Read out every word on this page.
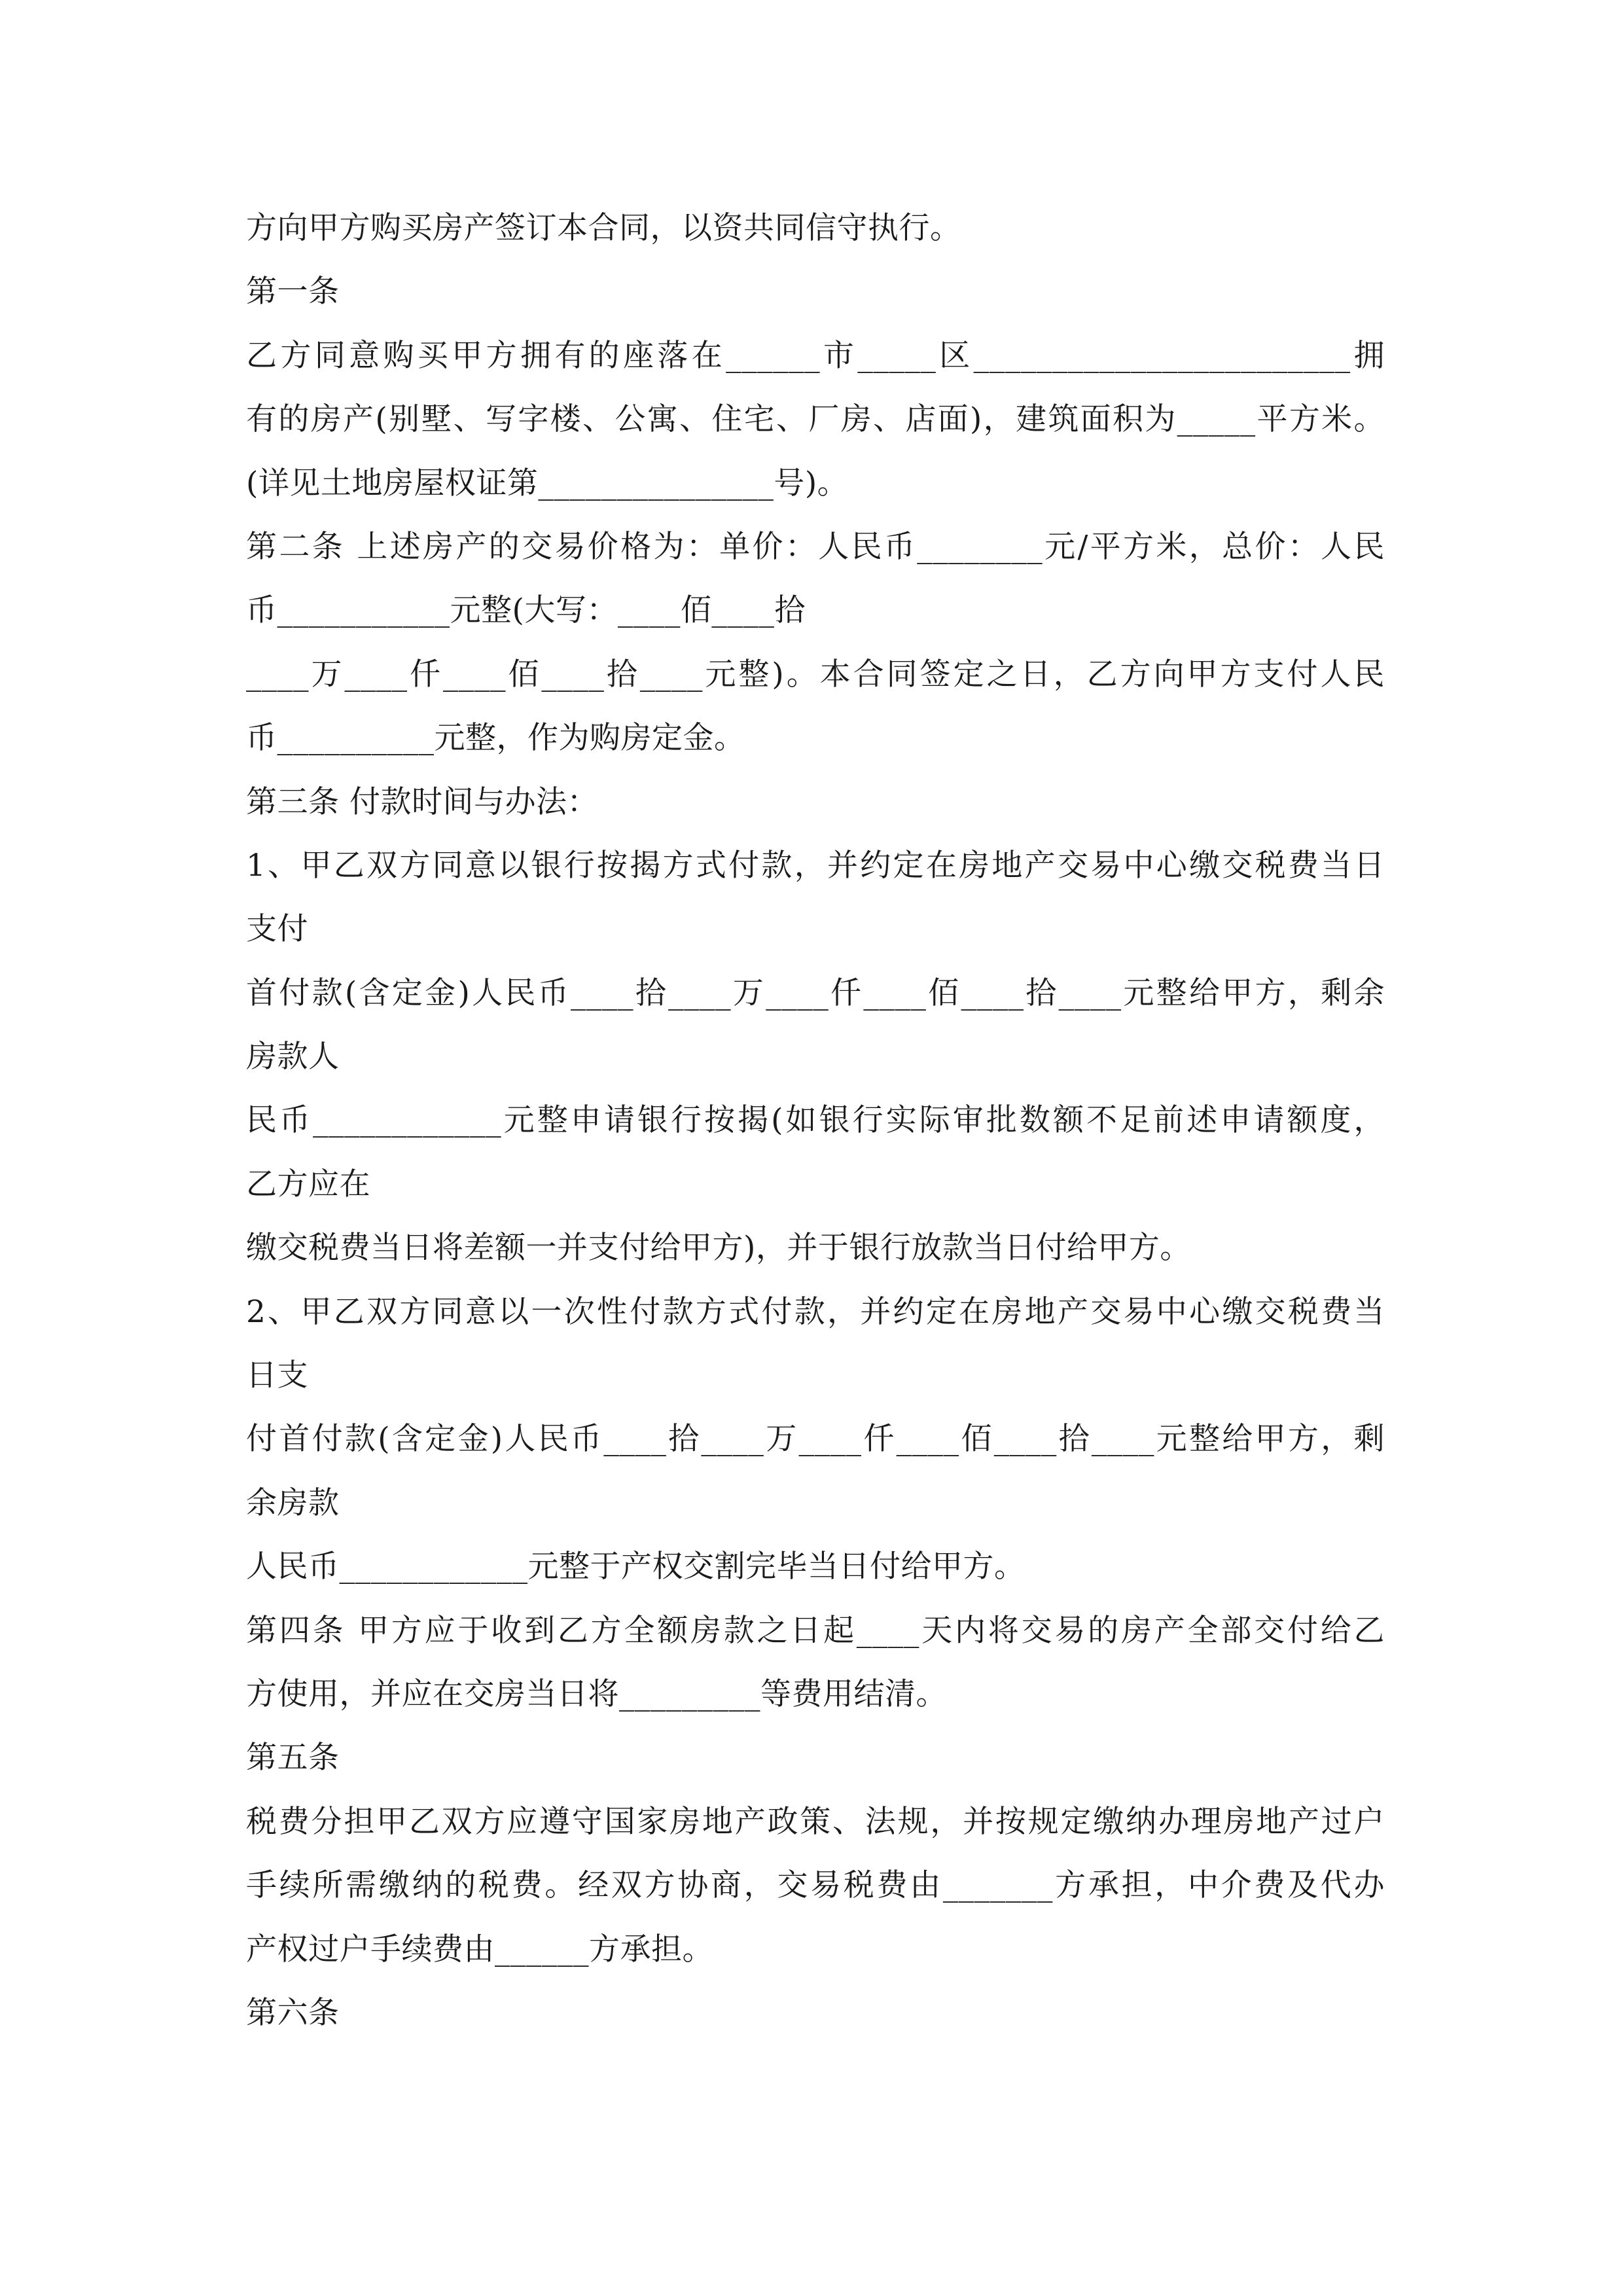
方向甲方购买房产签订本合同，以资共同信守执行。
第一条
乙方同意购买甲方拥有的座落在______市_____区________________________拥
有的房产(别墅、写字楼、公寓、住宅、厂房、店面)，建筑面积为_____平方米。
(详见土地房屋权证第_______________号)。
第二条 上述房产的交易价格为：单价：人民币________元/平方米，总价：人民
币___________元整(大写：____佰____拾
____万____仟____佰____拾____元整)。本合同签定之日，乙方向甲方支付人民
币__________元整，作为购房定金。
第三条 付款时间与办法：
1、甲乙双方同意以银行按揭方式付款，并约定在房地产交易中心缴交税费当日
支付
首付款(含定金)人民币____拾____万____仟____佰____拾____元整给甲方，剩余
房款人
民币____________元整申请银行按揭(如银行实际审批数额不足前述申请额度，
乙方应在
缴交税费当日将差额一并支付给甲方)，并于银行放款当日付给甲方。
2、甲乙双方同意以一次性付款方式付款，并约定在房地产交易中心缴交税费当
日支
付首付款(含定金)人民币____拾____万____仟____佰____拾____元整给甲方，剩
余房款
人民币____________元整于产权交割完毕当日付给甲方。
第四条 甲方应于收到乙方全额房款之日起____天内将交易的房产全部交付给乙
方使用，并应在交房当日将_________等费用结清。
第五条
税费分担甲乙双方应遵守国家房地产政策、法规，并按规定缴纳办理房地产过户
手续所需缴纳的税费。经双方协商，交易税费由_______方承担，中介费及代办
产权过户手续费由______方承担。
第六条
